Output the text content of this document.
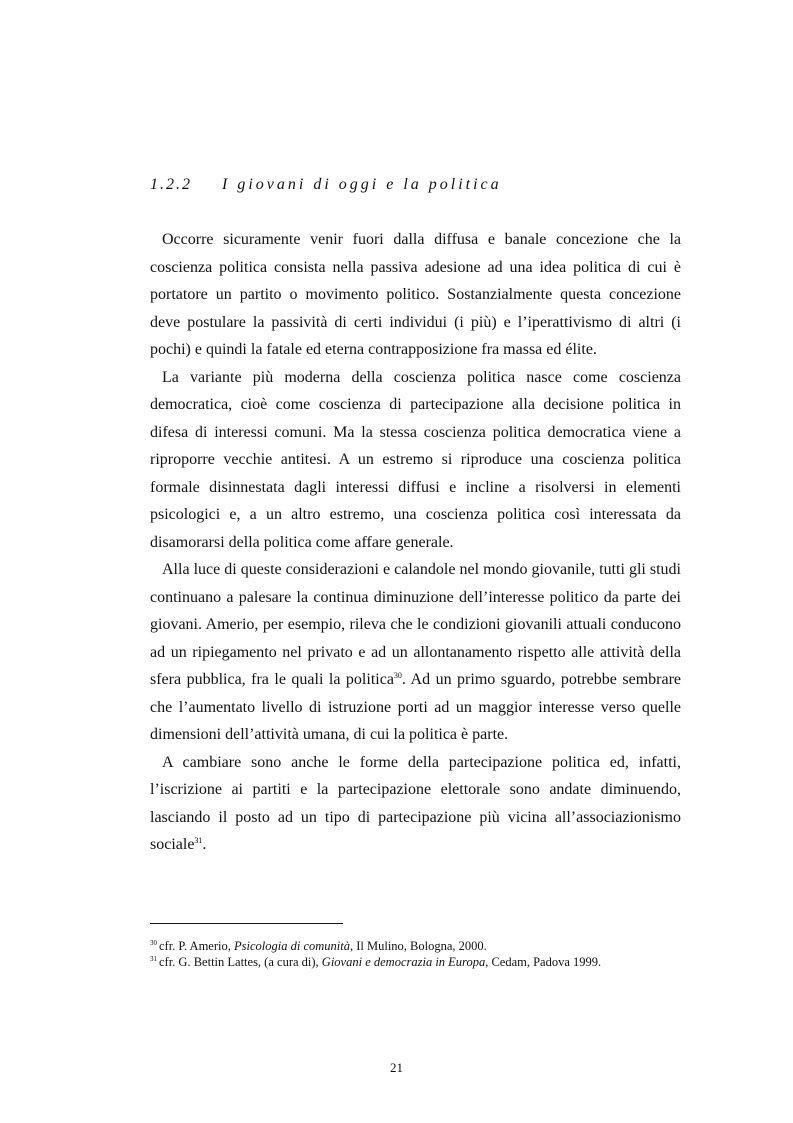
1.2.2 I giovani di oggi e la politica

Occorre sicuramente venir fuori dalla diffusa e banale concezione che la coscienza politica consista nella passiva adesione ad una idea politica di cui è portatore un partito o movimento politico. Sostanzialmente questa concezione deve postulare la passività di certi individui (i più) e l’iperattivismo di altri (i pochi) e quindi la fatale ed eterna contrapposizione fra massa ed élite.

La variante più moderna della coscienza politica nasce come coscienza democratica, cioè come coscienza di partecipazione alla decisione politica in difesa di interessi comuni. Ma la stessa coscienza politica democratica viene a riproporre vecchie antitesi. A un estremo si riproduce una coscienza politica formale disinnestata dagli interessi diffusi e incline a risolversi in elementi psicologici e, a un altro estremo, una coscienza politica così interessata da disamorarsi della politica come affare generale.

Alla luce di queste considerazioni e calandole nel mondo giovanile, tutti gli studi continuano a palesare la continua diminuzione dell’interesse politico da parte dei giovani. Amerio, per esempio, rileva che le condizioni giovanili attuali conducono ad un ripiegamento nel privato e ad un allontanamento rispetto alle attività della sfera pubblica, fra le quali la politica$^{30}$. Ad un primo sguardo, potrebbe sembrare che l’aumentato livello di istruzione porti ad un maggior interesse verso quelle dimensioni dell’attività umana, di cui la politica è parte.

A cambiare sono anche le forme della partecipazione politica ed, infatti, l’iscrizione ai partiti e la partecipazione elettorale sono andate diminuendo, lasciando il posto ad un tipo di partecipazione più vicina all’associazionismo sociale$^{31}$.

$^{30}$ cfr. P. Amerio, Psicologia di comunità, Il Mulino, Bologna, 2000.
$^{31}$ cfr. G. Bettin Lattes, (a cura di), Giovani e democrazia in Europa, Cedam, Padova 1999.
21
